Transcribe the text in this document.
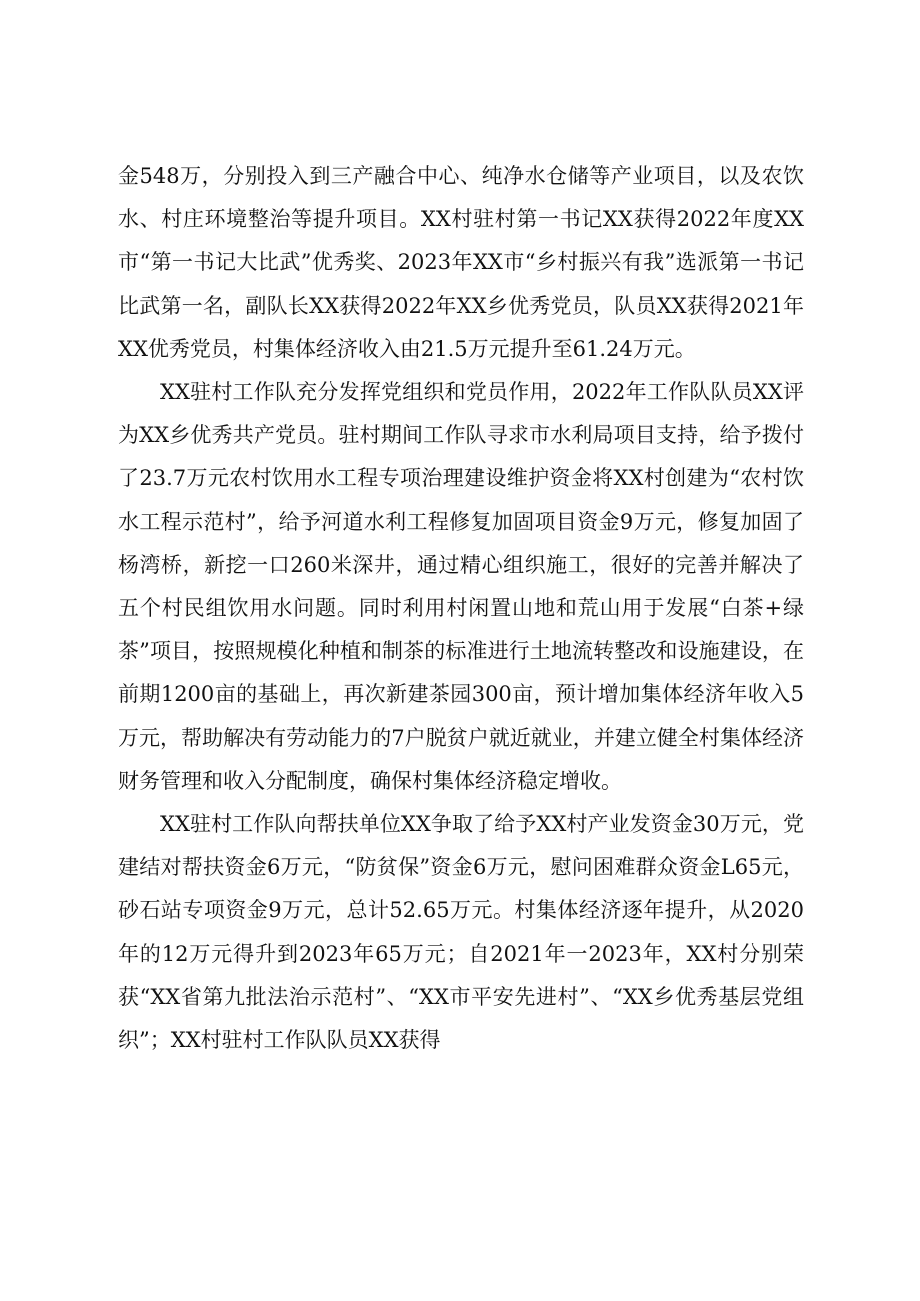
金548万，分别投入到三产融合中心、纯净水仓储等产业项目，以及农饮水、村庄环境整治等提升项目。XX村驻村第一书记XX获得2022年度XX市“第一书记大比武”优秀奖、2023年XX市“乡村振兴有我”选派第一书记比武第一名，副队长XX获得2022年XX乡优秀党员，队员XX获得2021年XX优秀党员，村集体经济收入由21.5万元提升至61.24万元。

XX驻村工作队充分发挥党组织和党员作用，2022年工作队队员XX评为XX乡优秀共产党员。驻村期间工作队寻求市水利局项目支持，给予拨付了23.7万元农村饮用水工程专项治理建设维护资金将XX村创建为“农村饮水工程示范村”，给予河道水利工程修复加固项目资金9万元，修复加固了杨湾桥，新挖一口260米深井，通过精心组织施工，很好的完善并解决了五个村民组饮用水问题。同时利用村闲置山地和荒山用于发展“白茶+绿茶”项目，按照规模化种植和制茶的标准进行土地流转整改和设施建设，在前期1200亩的基础上，再次新建茶园300亩，预计增加集体经济年收入5万元，帮助解决有劳动能力的7户脱贫户就近就业，并建立健全村集体经济财务管理和收入分配制度，确保村集体经济稳定增收。

XX驻村工作队向帮扶单位XX争取了给予XX村产业发资金30万元，党建结对帮扶资金6万元，“防贫保”资金6万元，慰问困难群众资金L65元，砂石站专项资金9万元，总计52.65万元。村集体经济逐年提升，从2020年的12万元得升到2023年65万元；自2021年一2023年，XX村分别荣获“XX省第九批法治示范村”、“XX市平安先进村”、“XX乡优秀基层党组织”；XX村驻村工作队队员XX获得
